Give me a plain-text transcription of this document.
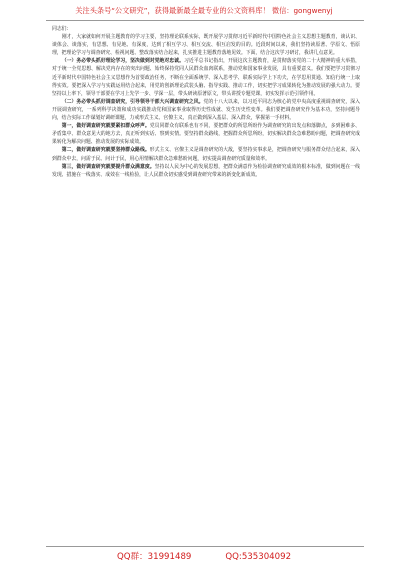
关注头条号“公文研究”，获得最新最全最专业的公文资料库！ 微信：gongwenyj

同志们：

刚才，大家就如何开展主题教育的学习主要，坚持理论联系实际，既开展学习贯彻习近平新时代中国特色社会主义思想主题教育，谈认识、谈体会、谈落实，有思想、有见地、有深度，达到了相互学习、相互交流、相互启发的目的。近段时间以来，我们坚持读原著、学原文、悟原理，把理论学习与调查研究、检视问题、整改落实结合起来，扎实推进主题教育落地见效。下面，结合这次学习研讨，我讲几点意见。

（一）务必带头抓好理论学习，坚决做到对党绝对忠诚。习近平总书记指出，开展这次主题教育，是贯彻落实党的二十大精神的重大举措，对于统一全党思想、解决党内存在的突出问题、始终保持党同人民群众血肉联系，推动党和国家事业发展，具有重要意义。我们要把学习贯彻习近平新时代中国特色社会主义思想作为首要政治任务，不断在全面系统学、深入思考学、联系实际学上下功夫，在学思用贯通、知信行统一上取得实效。要把深入学习与实践运用结合起来，用党的创新理论武装头脑、指导实践、推动工作，切实把学习成果转化为推动发展的强大动力。要坚持以上率下，领导干部要在学习上先学一步、学深一层，带头研读原著原文，带头讲授专题党课，切实发挥示范引领作用。

（二）务必带头抓好调查研究，引导领导干部大兴调查研究之风。党的十八大以来，以习近平同志为核心的党中央高度重视调查研究，深入开展调查研究，一系列科学决策和成功实践推动党和国家事业取得历史性成就、发生历史性变革。我们要把调查研究作为基本功，坚持问题导向，结合实际工作谋划好调研课题，力戒形式主义、官僚主义，真正做到深入基层、深入群众，掌握第一手材料。

第一，做好调查研究就要紧扣群众呼声。党员同群众有联系也有不同，要把群众的所思所盼作为调查研究的出发点和落脚点，多到困难多、矛盾集中、群众意见大的地方去，真正听到实话、察到实情。要坚持群众路线，把握群众所思所盼，切实解决群众急难愁盼问题，把调查研究成果转化为解决问题、推动发展的实际成效。

第二，做好调查研究就要坚持群众路线。形式主义、官僚主义是调查研究的大敌，要坚持实事求是，把调查研究与服务群众结合起来，深入到群众中去，问需于民、问计于民，用心用情解决群众急难愁盼问题，切实提高调查研究质量和效率。

第三，做好调查研究就要提升群众满意度。坚持以人民为中心的发展思想，把群众满意作为检验调查研究成效的根本标准，做到问题在一线发现、措施在一线落实、成效在一线检验，让人民群众切实感受到调查研究带来的新变化新成效。

QQ群：31991489	QQ:535304092
